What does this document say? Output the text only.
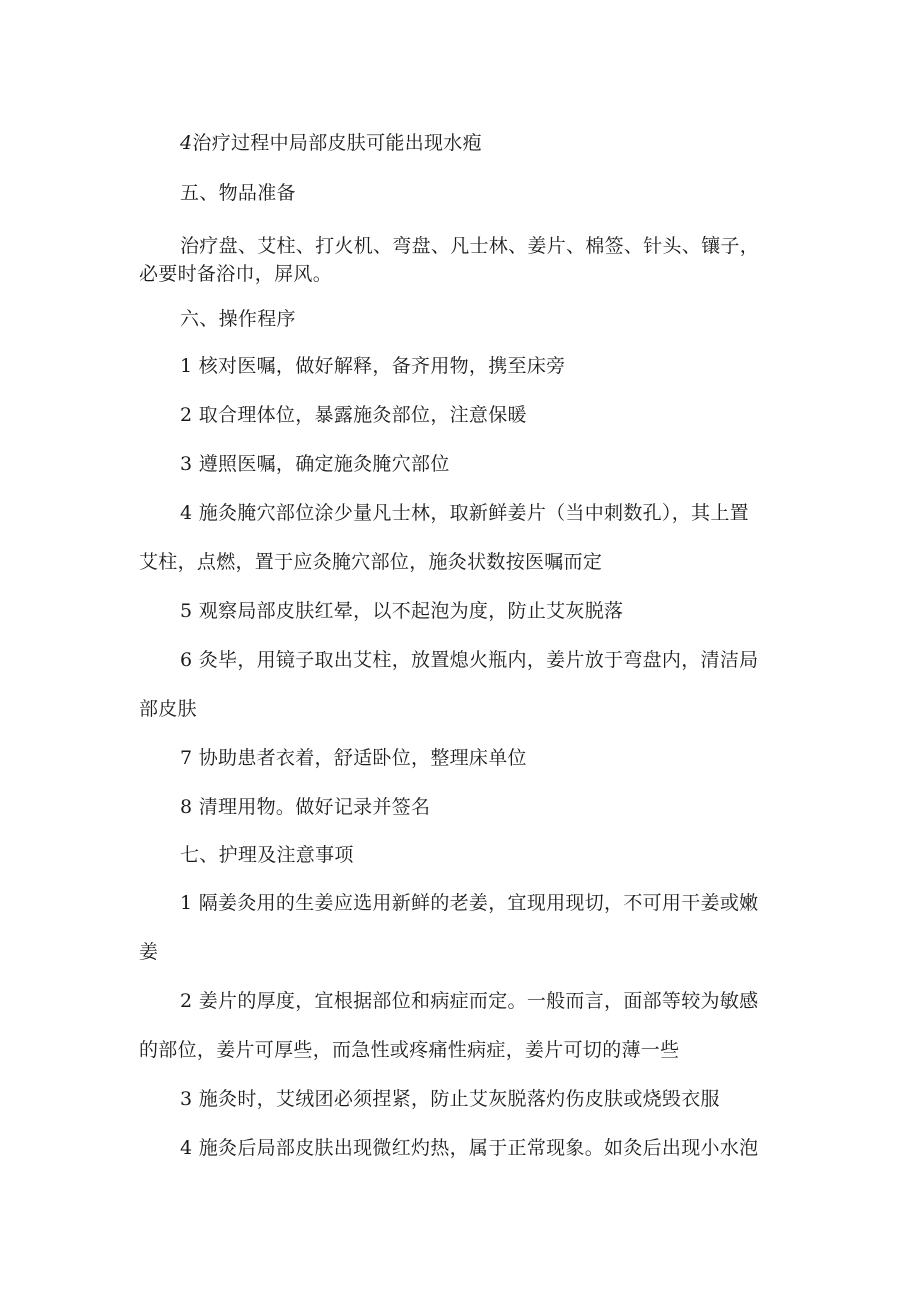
4治疗过程中局部皮肤可能出现水疱

五、物品准备

治疗盘、艾柱、打火机、弯盘、凡士林、姜片、棉签、针头、镶子，

必要时备浴巾，屏风。

六、操作程序

1 核对医嘱，做好解释，备齐用物，携至床旁

2 取合理体位，暴露施灸部位，注意保暖

3 遵照医嘱，确定施灸腌穴部位

4 施灸腌穴部位涂少量凡士林，取新鲜姜片（当中刺数孔），其上置

艾柱，点燃，置于应灸腌穴部位，施灸状数按医嘱而定

5 观察局部皮肤红晕，以不起泡为度，防止艾灰脱落

6 灸毕，用镜子取出艾柱，放置熄火瓶内，姜片放于弯盘内，清洁局

部皮肤

7 协助患者衣着，舒适卧位，整理床单位

8 清理用物。做好记录并签名

七、护理及注意事项

1 隔姜灸用的生姜应选用新鲜的老姜，宜现用现切，不可用干姜或嫩

姜

2 姜片的厚度，宜根据部位和病症而定。一般而言，面部等较为敏感

的部位，姜片可厚些，而急性或疼痛性病症，姜片可切的薄一些

3 施灸时，艾绒团必须捏紧，防止艾灰脱落灼伤皮肤或烧毁衣服

4 施灸后局部皮肤出现微红灼热，属于正常现象。如灸后出现小水泡
